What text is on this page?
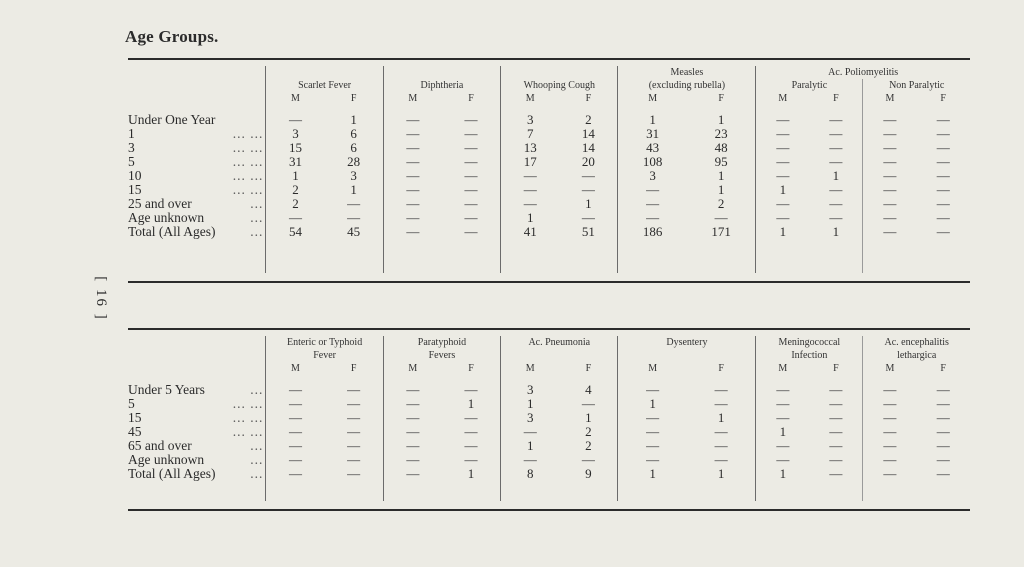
Age Groups.
[ 16 ]

							Measles		Ac. Poliomyelitis			
	Scarlet Fever		Diphtheria		Whooping Cough		(excluding rubella)		Paralytic		Non Paralytic	
	M	F	M	F	M	F	M	F	M	F	M	F

Under One Year	—	1	—	—	3	2	1	1	—	—	—	—

1 ... ...	3	6	—	—	7	14	31	23	—	—	—	—

3 ... ...	15	6	—	—	13	14	43	48	—	—	—	—

5 ... ...	31	28	—	—	17	20	108	95	—	—	—	—

10 ... ...	1	3	—	—	—	—	3	1	—	1	—	—

15 ... ...	2	1	—	—	—	—	—	1	1	—	—	—

25 and over ...	2	—	—	—	—	1	—	2	—	—	—	—

Age unknown ...	—	—	—	—	1	—	—	—	—	—	—	—

Total (All Ages) ...	54	45	—	—	41	51	186	171	1	1	—	—

	Enteric or Typhoid		Paratyphoid		Ac. Pneumonia		Dysentery		Meningococcal		Ac. encephalitis	
	Fever		Fevers						Infection		lethargica	
	M	F	M	F	M	F	M	F	M	F	M	F

Under 5 Years ...	—	—	—	—	3	4	—	—	—	—	—	—

5 ... ...	—	—	—	1	1	—	1	—	—	—	—	—

15 ... ...	—	—	—	—	3	1	—	1	—	—	—	—

45 ... ...	—	—	—	—	—	2	—	—	1	—	—	—

65 and over ...	—	—	—	—	1	2	—	—	—	—	—	—

Age unknown ...	—	—	—	—	—	—	—	—	—	—	—	—

Total (All Ages) ...	—	—	—	1	8	9	1	1	1	—	—	—
